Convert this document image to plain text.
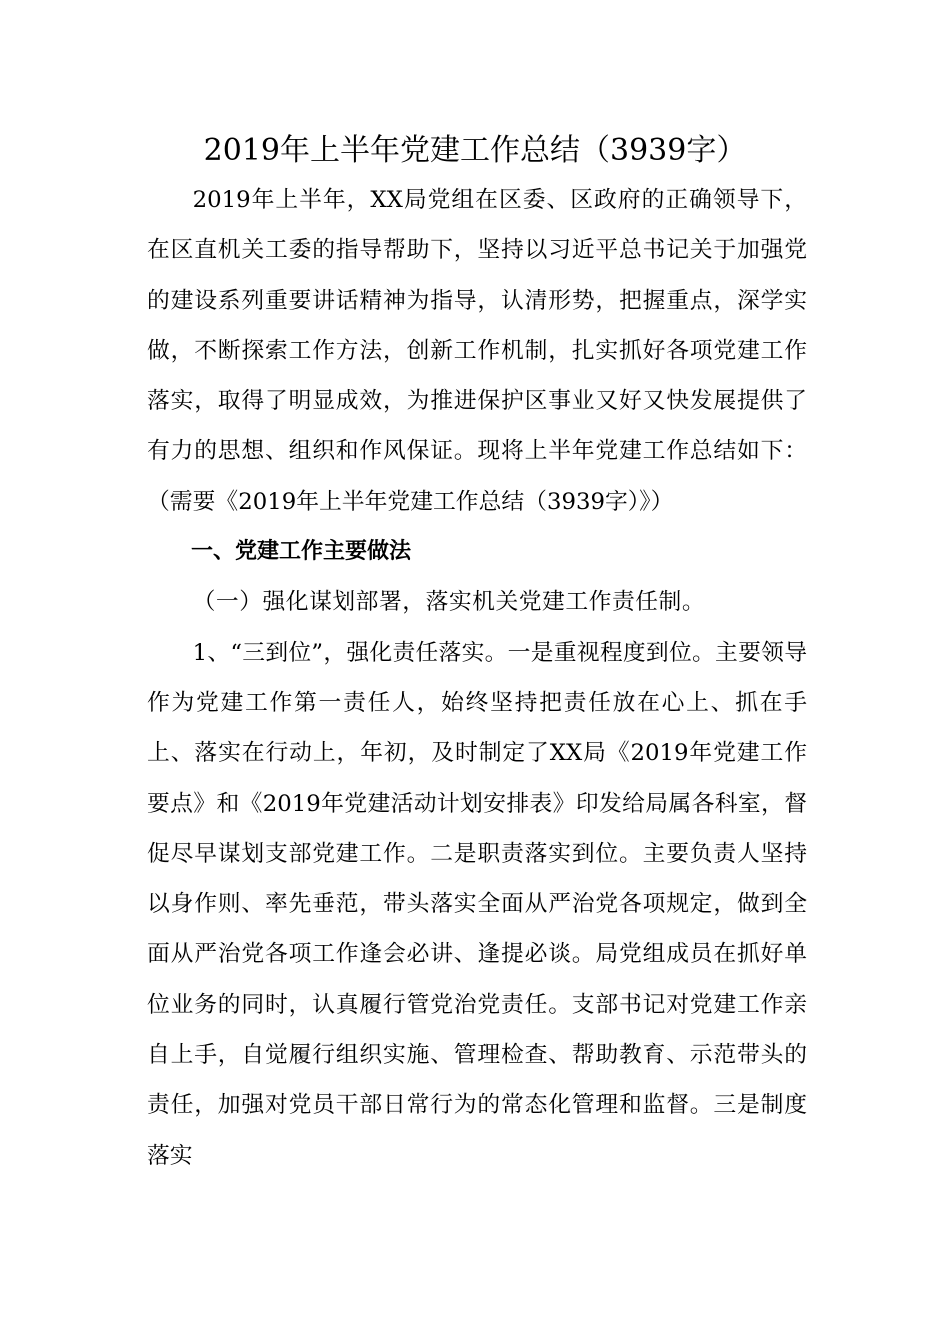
2019年上半年党建工作总结（3939字）

2019年上半年，XX局党组在区委、区政府的正确领导下，在区直机关工委的指导帮助下，坚持以习近平总书记关于加强党的建设系列重要讲话精神为指导，认清形势，把握重点，深学实做，不断探索工作方法，创新工作机制，扎实抓好各项党建工作落实，取得了明显成效，为推进保护区事业又好又快发展提供了有力的思想、组织和作风保证。现将上半年党建工作总结如下：（需要《2019年上半年党建工作总结（3939字）》）

一、党建工作主要做法

（一）强化谋划部署，落实机关党建工作责任制。

1、“三到位”，强化责任落实。一是重视程度到位。主要领导作为党建工作第一责任人，始终坚持把责任放在心上、抓在手上、落实在行动上，年初，及时制定了XX局《2019年党建工作要点》和《2019年党建活动计划安排表》印发给局属各科室，督促尽早谋划支部党建工作。二是职责落实到位。主要负责人坚持以身作则、率先垂范，带头落实全面从严治党各项规定，做到全面从严治党各项工作逢会必讲、逢提必谈。局党组成员在抓好单位业务的同时，认真履行管党治党责任。支部书记对党建工作亲自上手，自觉履行组织实施、管理检查、帮助教育、示范带头的责任，加强对党员干部日常行为的常态化管理和监督。三是制度落实
